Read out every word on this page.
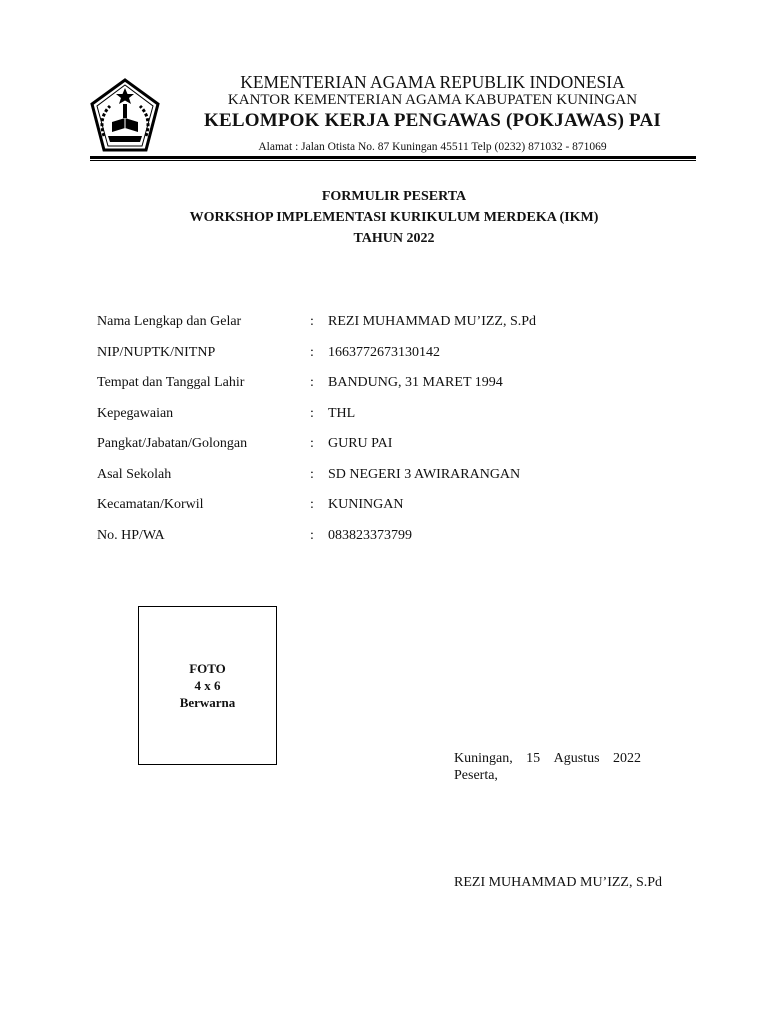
KEMENTERIAN AGAMA REPUBLIK INDONESIA
KANTOR KEMENTERIAN AGAMA KABUPATEN KUNINGAN
KELOMPOK KERJA PENGAWAS (POKJAWAS) PAI
Alamat : Jalan Otista No. 87 Kuningan 45511 Telp (0232) 871032 - 871069
FORMULIR PESERTA
WORKSHOP IMPLEMENTASI KURIKULUM MERDEKA (IKM)
TAHUN 2022
Nama Lengkap dan Gelar	: REZI MUHAMMAD MU’IZZ, S.Pd
NIP/NUPTK/NITNP	: 1663772673130142
Tempat dan Tanggal Lahir	: BANDUNG, 31 MARET 1994
Kepegawaian	: THL
Pangkat/Jabatan/Golongan	: GURU PAI
Asal Sekolah	: SD NEGERI 3 AWIRARANGAN
Kecamatan/Korwil	: KUNINGAN
No. HP/WA	: 083823373799
FOTO
4 x 6
Berwarna
Kuningan, 15 Agustus 2022
Peserta,
REZI MUHAMMAD MU’IZZ, S.Pd
